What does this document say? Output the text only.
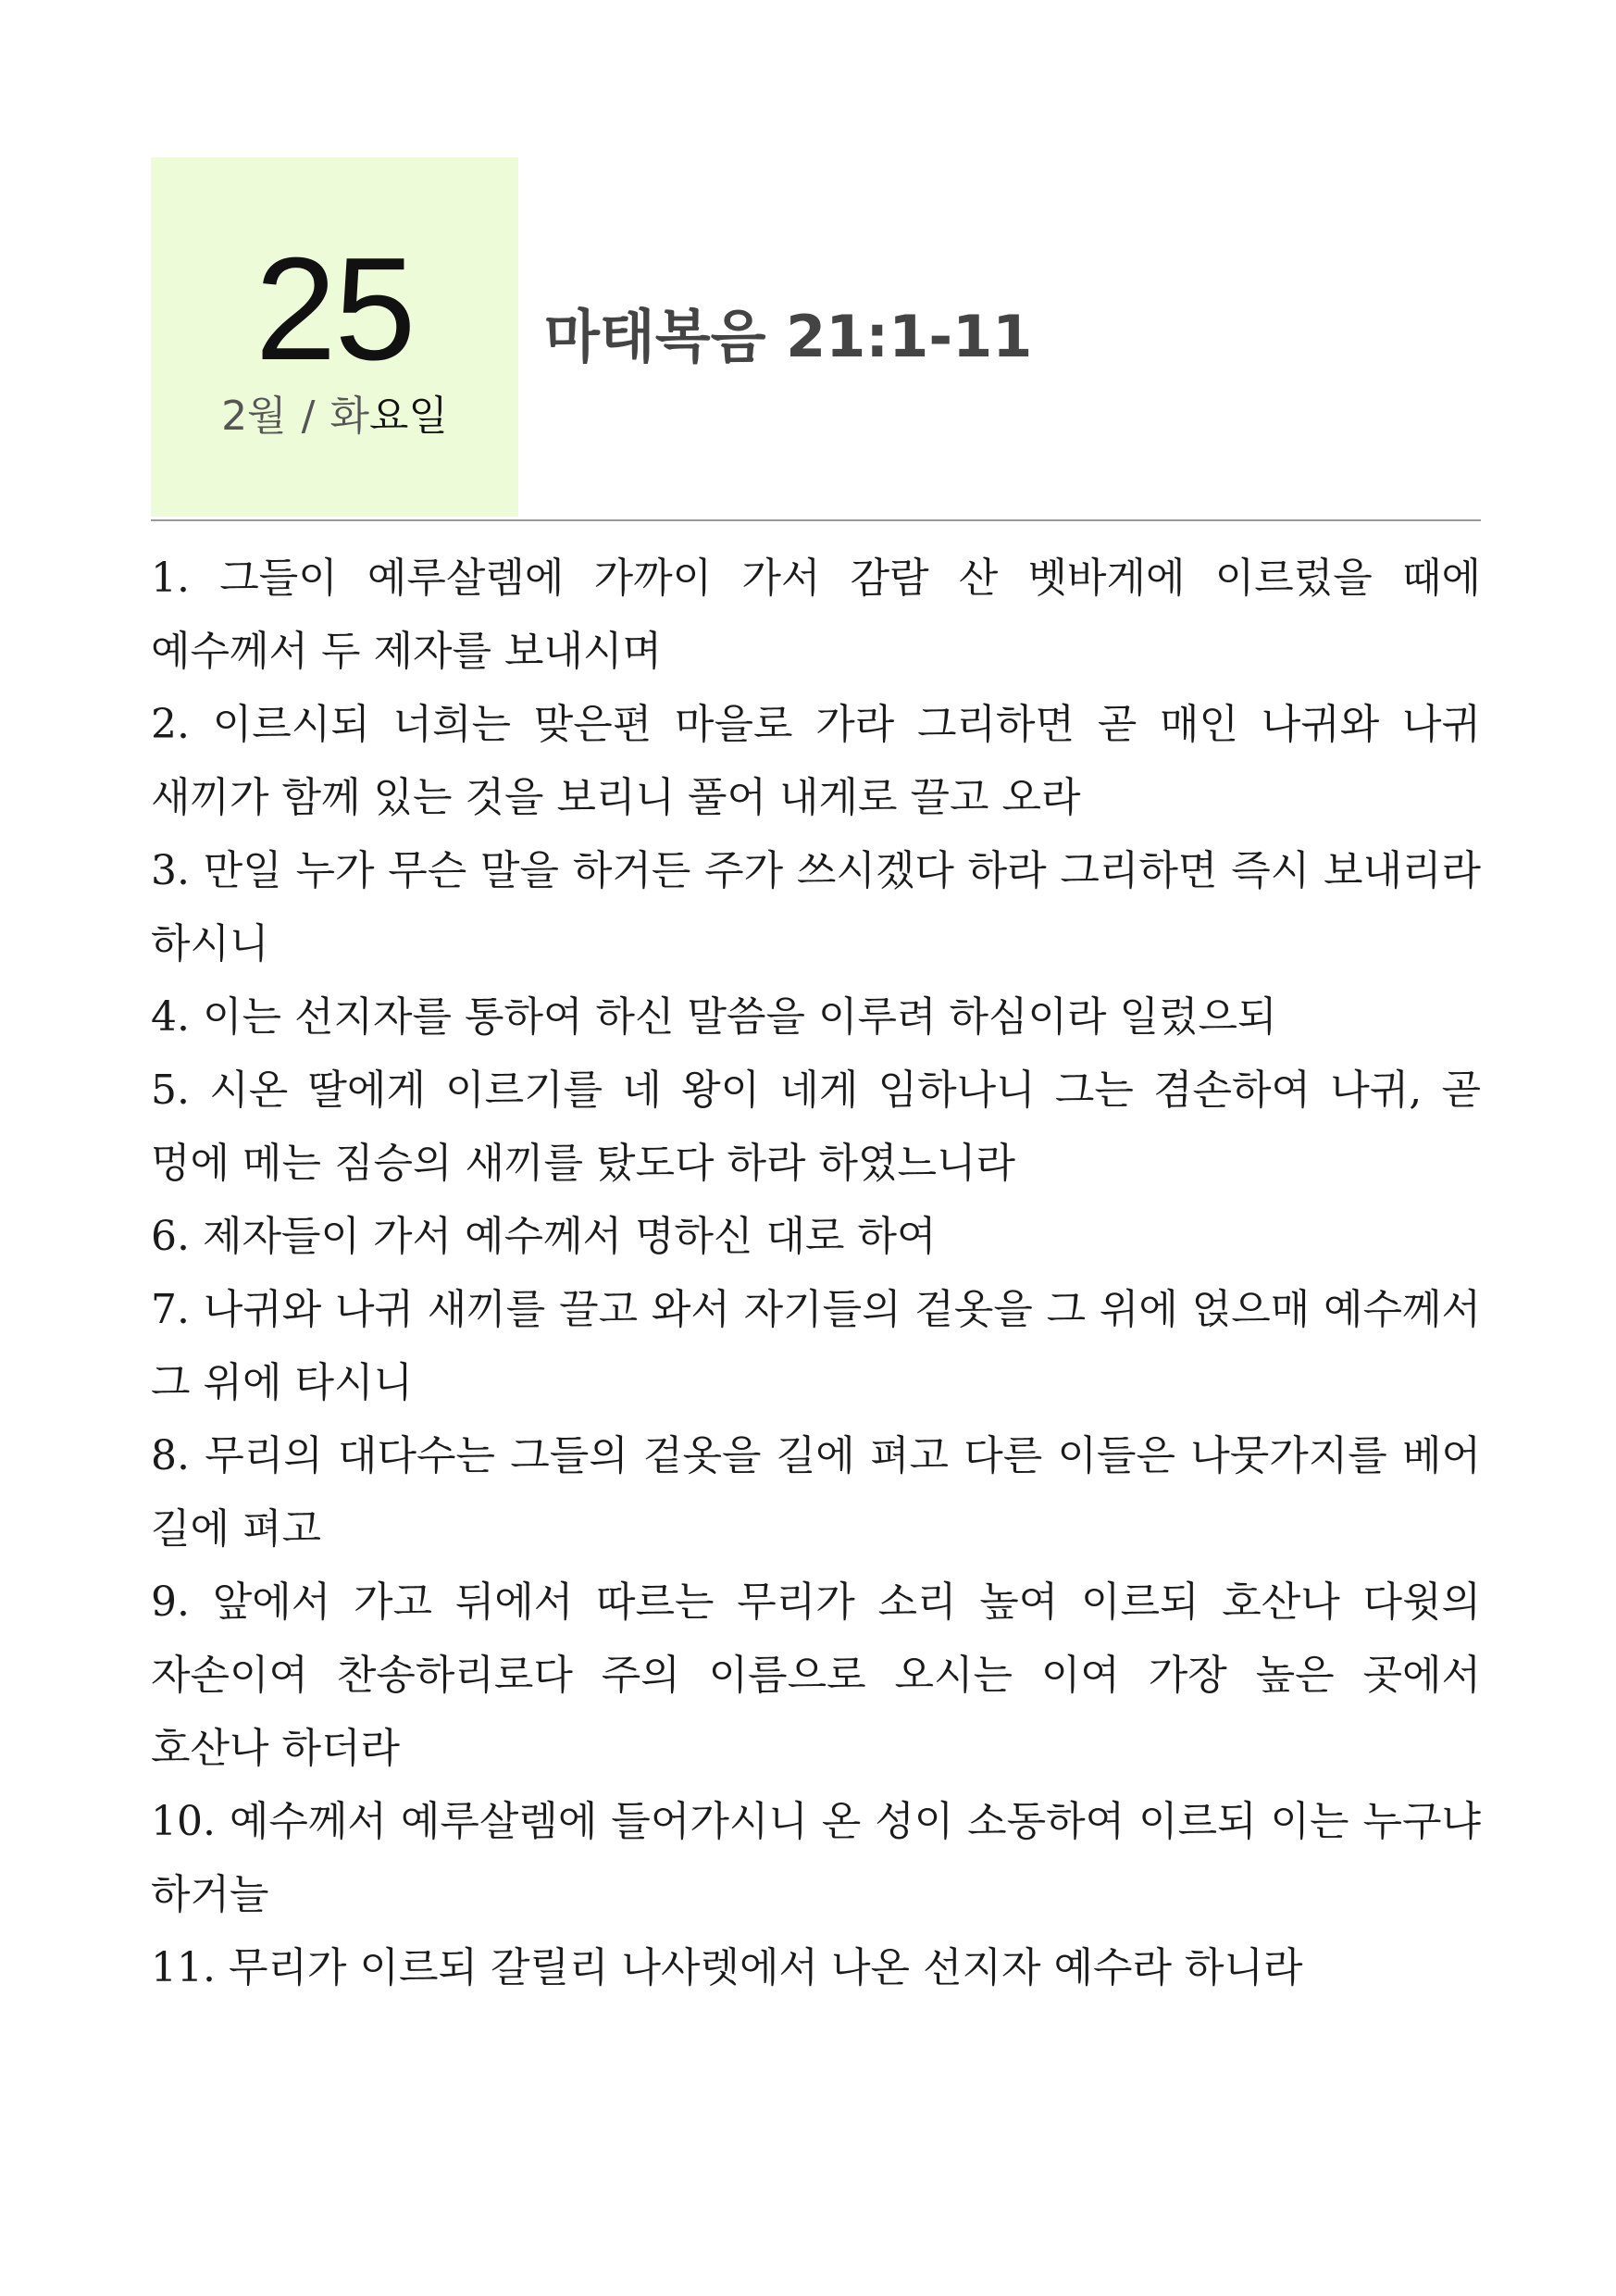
25
2월 / 화요일
마태복음 21:1-11

1. 그들이 예루살렘에 가까이 가서 감람 산 벳바게에 이르렀을 때에 예수께서 두 제자를 보내시며

2. 이르시되 너희는 맞은편 마을로 가라 그리하면 곧 매인 나귀와 나귀 새끼가 함께 있는 것을 보리니 풀어 내게로 끌고 오라

3. 만일 누가 무슨 말을 하거든 주가 쓰시겠다 하라 그리하면 즉시 보내리라 하시니

4. 이는 선지자를 통하여 하신 말씀을 이루려 하심이라 일렀으되

5. 시온 딸에게 이르기를 네 왕이 네게 임하나니 그는 겸손하여 나귀, 곧 멍에 메는 짐승의 새끼를 탔도다 하라 하였느니라

6. 제자들이 가서 예수께서 명하신 대로 하여

7. 나귀와 나귀 새끼를 끌고 와서 자기들의 겉옷을 그 위에 얹으매 예수께서 그 위에 타시니

8. 무리의 대다수는 그들의 겉옷을 길에 펴고 다른 이들은 나뭇가지를 베어 길에 펴고

9. 앞에서 가고 뒤에서 따르는 무리가 소리 높여 이르되 호산나 다윗의 자손이여 찬송하리로다 주의 이름으로 오시는 이여 가장 높은 곳에서 호산나 하더라

10. 예수께서 예루살렘에 들어가시니 온 성이 소동하여 이르되 이는 누구냐 하거늘

11. 무리가 이르되 갈릴리 나사렛에서 나온 선지자 예수라 하니라
